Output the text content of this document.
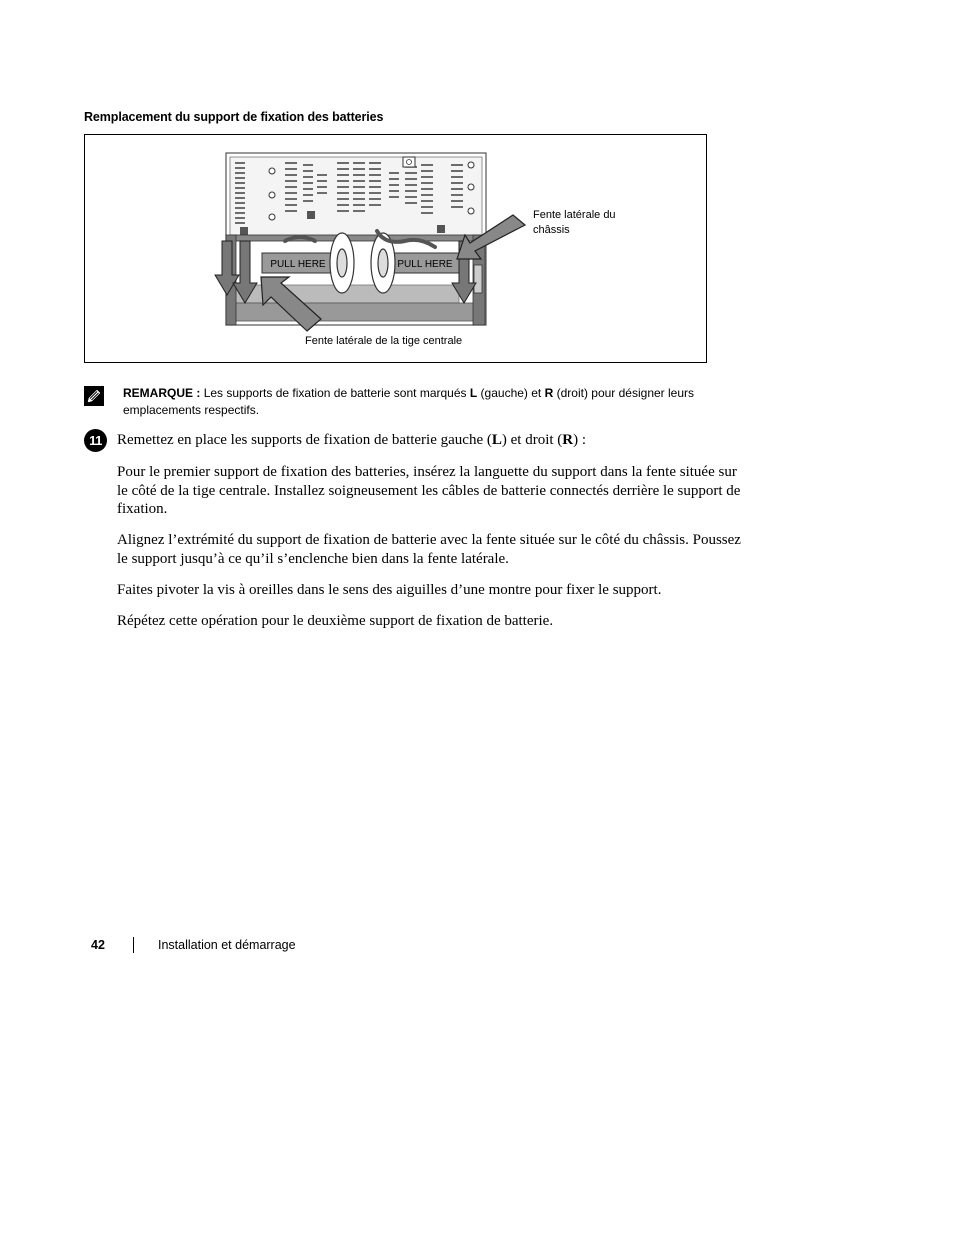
Remplacement du support de fixation des batteries
PULL HERE	PULL HERE
Fente latérale du châssis
Fente latérale de la tige centrale
REMARQUE : Les supports de fixation de batterie sont marqués L (gauche) et R (droit) pour désigner leurs emplacements respectifs.
11	Remettez en place les supports de fixation de batterie gauche (L) et droit (R) :
Pour le premier support de fixation des batteries, insérez la languette du support dans la fente située sur le côté de la tige centrale. Installez soigneusement les câbles de batterie connectés derrière le support de fixation.
Alignez l’extrémité du support de fixation de batterie avec la fente située sur le côté du châssis. Poussez le support jusqu’à ce qu’il s’enclenche bien dans la fente latérale.
Faites pivoter la vis à oreilles dans le sens des aiguilles d’une montre pour fixer le support.
Répétez cette opération pour le deuxième support de fixation de batterie.
42	Installation et démarrage
